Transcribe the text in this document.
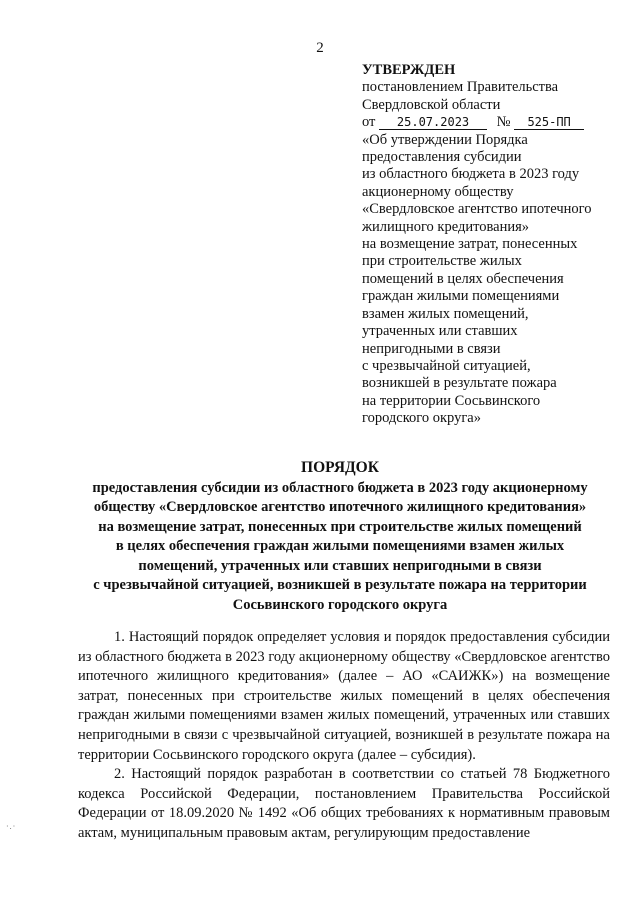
2
УТВЕРЖДЕН
постановлением Правительства
Свердловской области
от 25.07.2023 № 525-ПП
«Об утверждении Порядка
предоставления субсидии
из областного бюджета в 2023 году
акционерному обществу
«Свердловское агентство ипотечного
жилищного кредитования»
на возмещение затрат, понесенных
при строительстве жилых
помещений в целях обеспечения
граждан жилыми помещениями
взамен жилых помещений,
утраченных или ставших
непригодными в связи
с чрезвычайной ситуацией,
возникшей в результате пожара
на территории Сосьвинского
городского округа»
ПОРЯДОК
предоставления субсидии из областного бюджета в 2023 году акционерному
обществу «Свердловское агентство ипотечного жилищного кредитования»
на возмещение затрат, понесенных при строительстве жилых помещений
в целях обеспечения граждан жилыми помещениями взамен жилых
помещений, утраченных или ставших непригодными в связи
с чрезвычайной ситуацией, возникшей в результате пожара на территории
Сосьвинского городского округа

1. Настоящий порядок определяет условия и порядок предоставления субсидии из областного бюджета в 2023 году акционерному обществу «Свердловское агентство ипотечного жилищного кредитования» (далее – АО «САИЖК») на возмещение затрат, понесенных при строительстве жилых помещений в целях обеспечения граждан жилыми помещениями взамен жилых помещений, утраченных или ставших непригодными в связи с чрезвычайной ситуацией, возникшей в результате пожара на территории Сосьвинского городского округа (далее – субсидия).

2. Настоящий порядок разработан в соответствии со статьей 78 Бюджетного кодекса Российской Федерации, постановлением Правительства Российской Федерации от 18.09.2020 № 1492 «Об общих требованиях к нормативным правовым актам, муниципальным правовым актам, регулирующим предоставление

·.·
